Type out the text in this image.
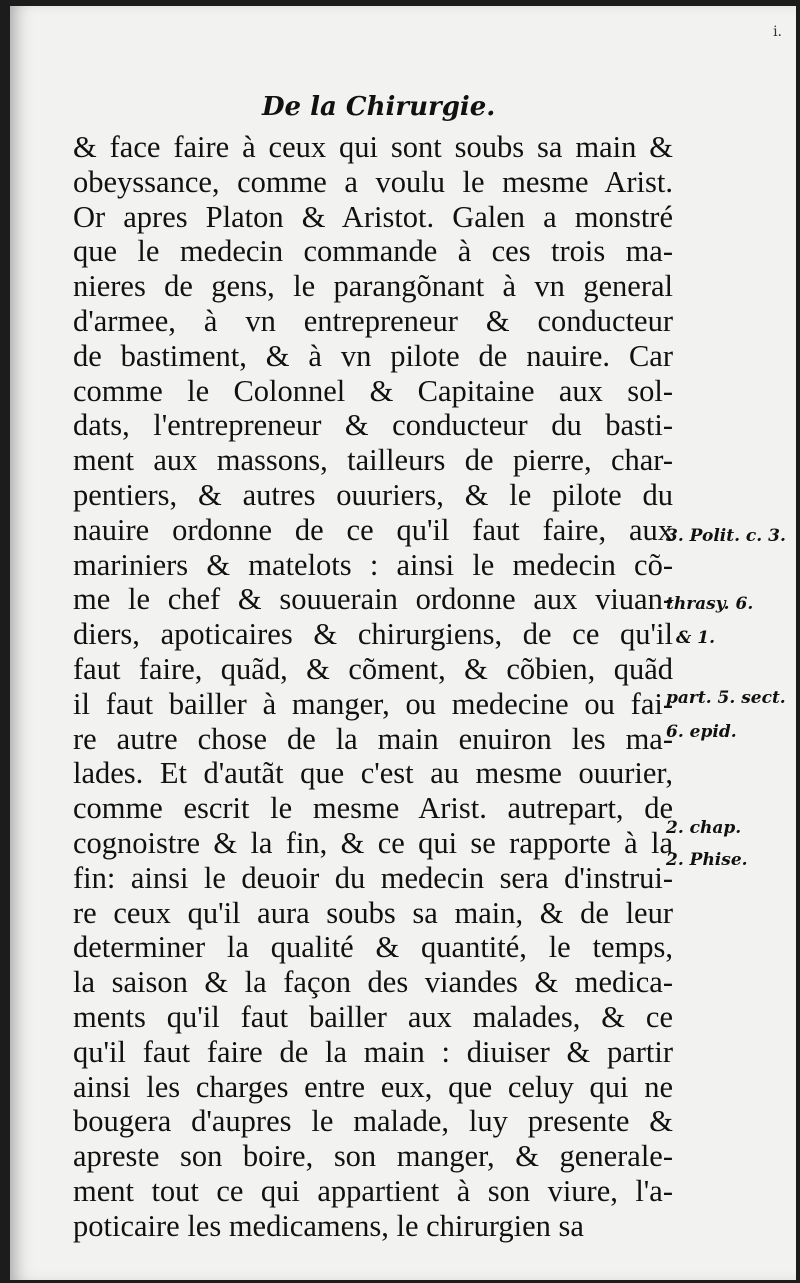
i.
De la Chirurgie.
& face faire à ceux qui sont soubs sa main &
obeyssance, comme a voulu le mesme Arist.
Or apres Platon & Aristot. Galen a monstré
que le medecin commande à ces trois ma-
nieres de gens, le parangõnant à vn general
d'armee, à vn entrepreneur & conducteur
de bastiment, & à vn pilote de nauire. Car
comme le Colonnel & Capitaine aux sol-
dats, l'entrepreneur & conducteur du basti-
ment aux massons, tailleurs de pierre, char-
pentiers, & autres ouuriers, & le pilote du
nauire ordonne de ce qu'il faut faire, aux
mariniers & matelots : ainsi le medecin cõ-
me le chef & souuerain ordonne aux viuan-
diers, apoticaires & chirurgiens, de ce qu'il
faut faire, quãd, & cõment, & cõbien, quãd
il faut bailler à manger, ou medecine ou fai-
re autre chose de la main enuiron les ma-
lades. Et d'autãt que c'est au mesme ouurier,
comme escrit le mesme Arist. autrepart, de
cognoistre & la fin, & ce qui se rapporte à la
fin: ainsi le deuoir du medecin sera d'instrui-
re ceux qu'il aura soubs sa main, & de leur
determiner la qualité & quantité, le temps,
la saison & la façon des viandes & medica-
ments qu'il faut bailler aux malades, & ce
qu'il faut faire de la main : diuiser & partir
ainsi les charges entre eux, que celuy qui ne
bougera d'aupres le malade, luy presente &
apreste son boire, son manger, & generale-
ment tout ce qui appartient à son viure, l'a-
poticaire les medicamens, le chirurgien sa
3. Polit. c. 3.
thrasy. 6.
& 1.
part. 5. sect.
6. epid.
2. chap.
2. Phise.
